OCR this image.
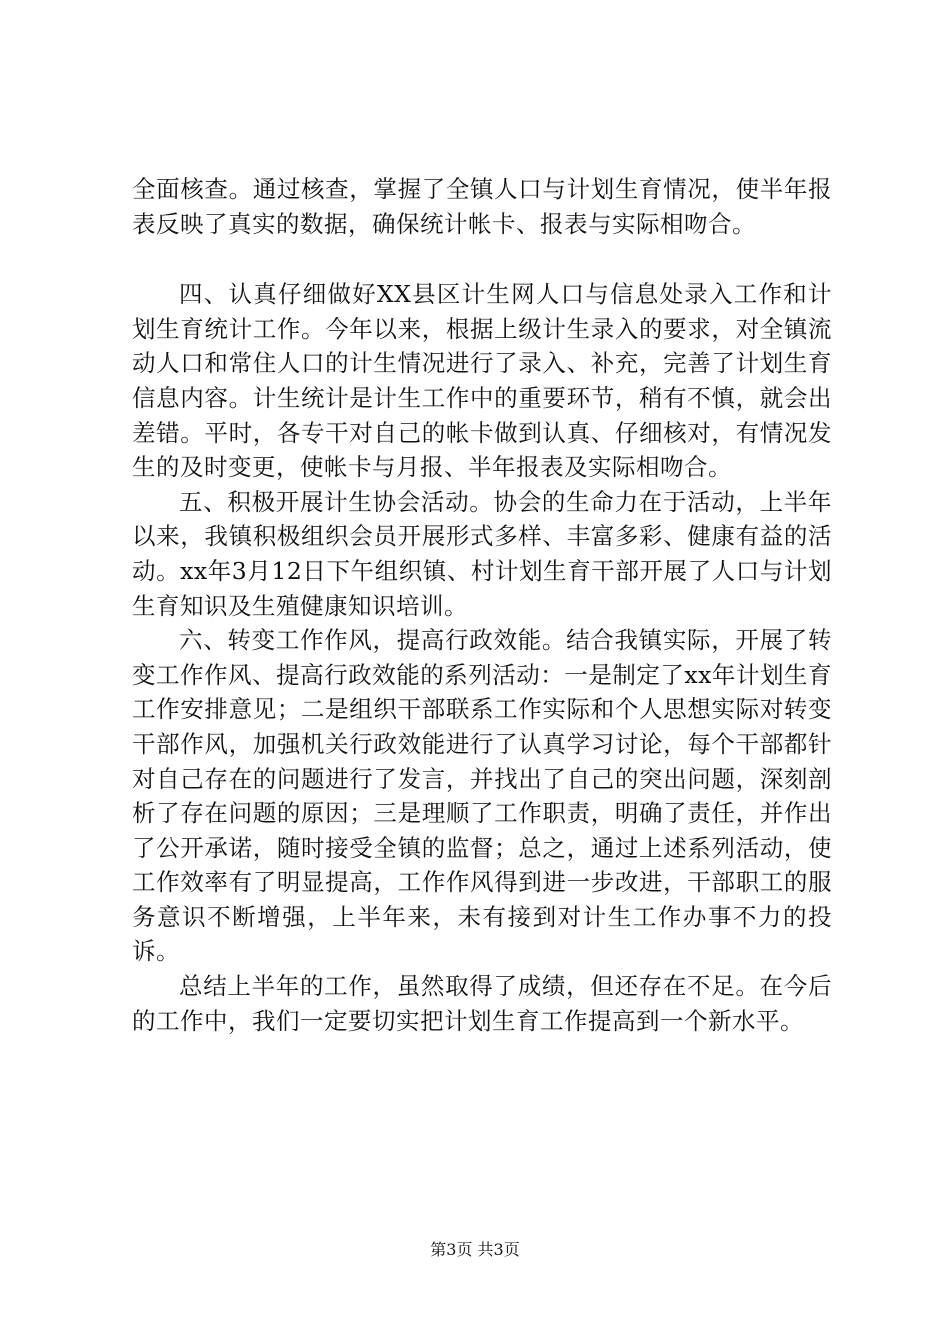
全面核查。通过核查，掌握了全镇人口与计划生育情况，使半年报表反映了真实的数据，确保统计帐卡、报表与实际相吻合。

四、认真仔细做好XX县区计生网人口与信息处录入工作和计划生育统计工作。今年以来，根据上级计生录入的要求，对全镇流动人口和常住人口的计生情况进行了录入、补充，完善了计划生育信息内容。计生统计是计生工作中的重要环节，稍有不慎，就会出差错。平时，各专干对自己的帐卡做到认真、仔细核对，有情况发生的及时变更，使帐卡与月报、半年报表及实际相吻合。

五、积极开展计生协会活动。协会的生命力在于活动，上半年以来，我镇积极组织会员开展形式多样、丰富多彩、健康有益的活动。xx年3月12日下午组织镇、村计划生育干部开展了人口与计划生育知识及生殖健康知识培训。

六、转变工作作风，提高行政效能。结合我镇实际，开展了转变工作作风、提高行政效能的系列活动：一是制定了xx年计划生育工作安排意见；二是组织干部联系工作实际和个人思想实际对转变干部作风，加强机关行政效能进行了认真学习讨论，每个干部都针对自己存在的问题进行了发言，并找出了自己的突出问题，深刻剖析了存在问题的原因；三是理顺了工作职责，明确了责任，并作出了公开承诺，随时接受全镇的监督；总之，通过上述系列活动，使工作效率有了明显提高，工作作风得到进一步改进，干部职工的服务意识不断增强，上半年来，未有接到对计生工作办事不力的投诉。

总结上半年的工作，虽然取得了成绩，但还存在不足。在今后的工作中，我们一定要切实把计划生育工作提高到一个新水平。

第3页 共3页
